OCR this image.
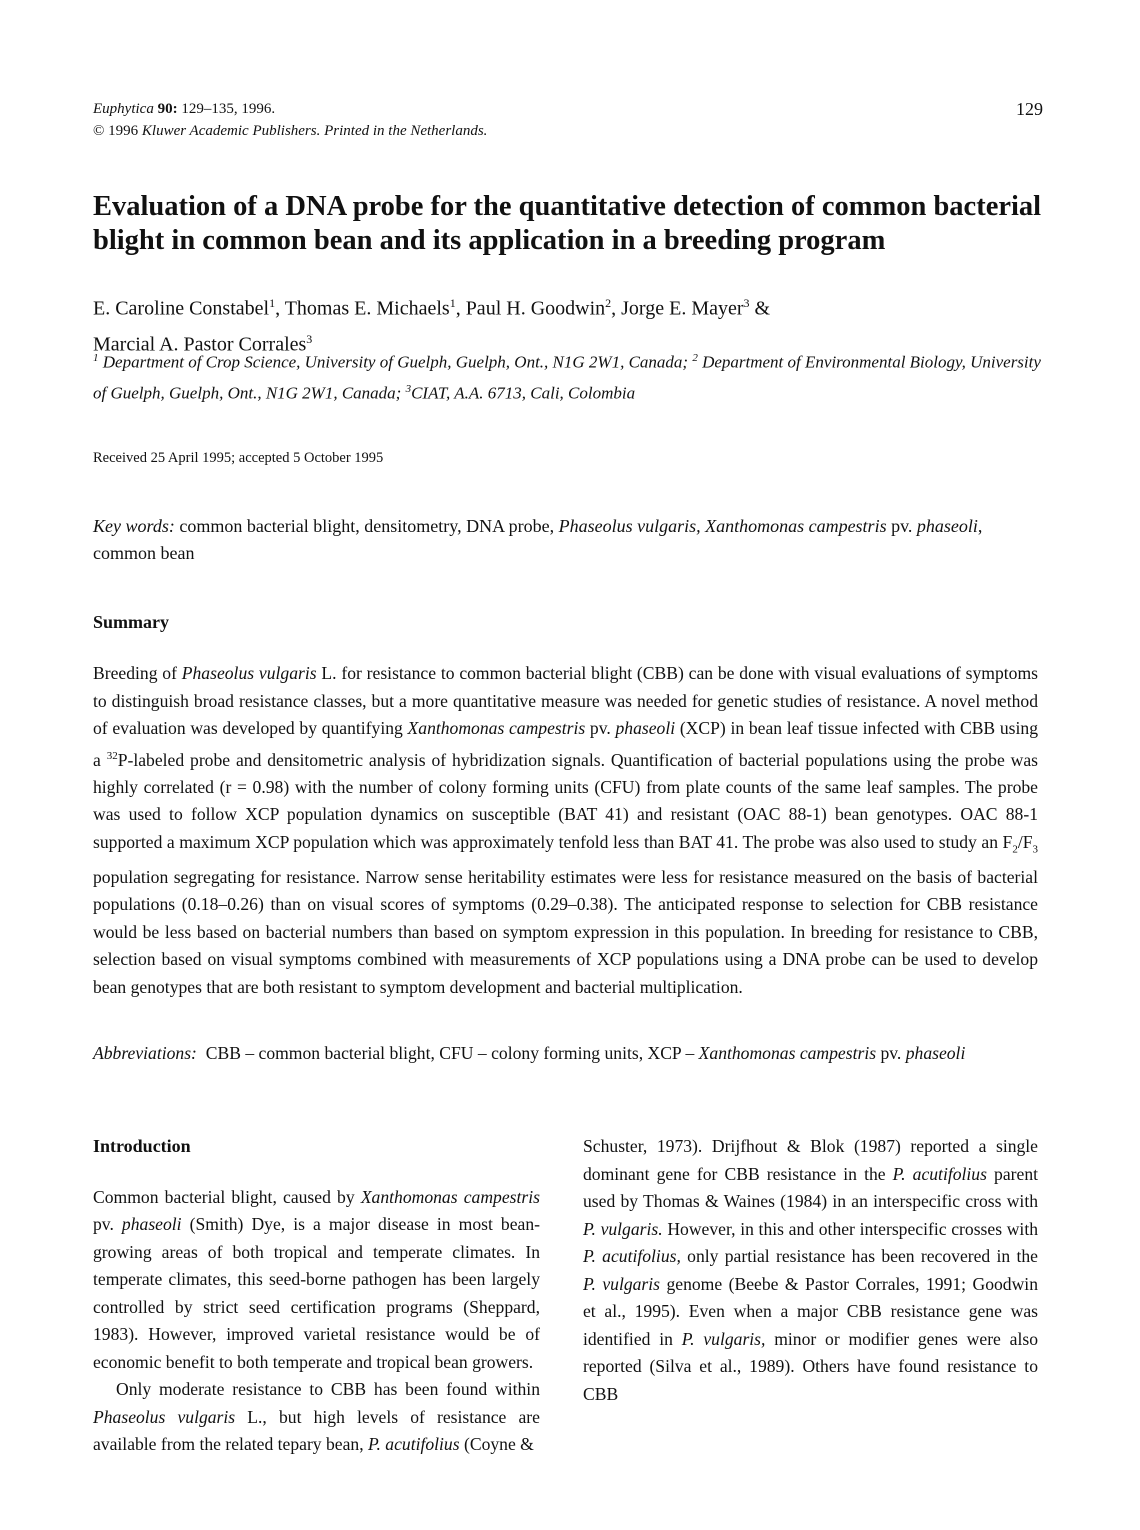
Euphytica 90: 129–135, 1996.
© 1996 Kluwer Academic Publishers. Printed in the Netherlands.
129
Evaluation of a DNA probe for the quantitative detection of common bacterial blight in common bean and its application in a breeding program
E. Caroline Constabel$^1$, Thomas E. Michaels$^1$, Paul H. Goodwin$^2$, Jorge E. Mayer$^3$ &
Marcial A. Pastor Corrales$^3$
$^1$ Department of Crop Science, University of Guelph, Guelph, Ont., N1G 2W1, Canada; $^2$ Department of Environmental Biology, University of Guelph, Guelph, Ont., N1G 2W1, Canada; $^3$CIAT, A.A. 6713, Cali, Colombia
Received 25 April 1995; accepted 5 October 1995
Key words: common bacterial blight, densitometry, DNA probe, Phaseolus vulgaris, Xanthomonas campestris pv. phaseoli, common bean
Summary

Breeding of Phaseolus vulgaris L. for resistance to common bacterial blight (CBB) can be done with visual evaluations of symptoms to distinguish broad resistance classes, but a more quantitative measure was needed for genetic studies of resistance. A novel method of evaluation was developed by quantifying Xanthomonas campestris pv. phaseoli (XCP) in bean leaf tissue infected with CBB using a $^{32}$P-labeled probe and densitometric analysis of hybridization signals. Quantification of bacterial populations using the probe was highly correlated (r = 0.98) with the number of colony forming units (CFU) from plate counts of the same leaf samples. The probe was used to follow XCP population dynamics on susceptible (BAT 41) and resistant (OAC 88-1) bean genotypes. OAC 88-1 supported a maximum XCP population which was approximately tenfold less than BAT 41. The probe was also used to study an $F_2/F_3$ population segregating for resistance. Narrow sense heritability estimates were less for resistance measured on the basis of bacterial populations (0.18–0.26) than on visual scores of symptoms (0.29–0.38). The anticipated response to selection for CBB resistance would be less based on bacterial numbers than based on symptom expression in this population. In breeding for resistance to CBB, selection based on visual symptoms combined with measurements of XCP populations using a DNA probe can be used to develop bean genotypes that are both resistant to symptom development and bacterial multiplication.

Abbreviations:  CBB – common bacterial blight, CFU – colony forming units, XCP – Xanthomonas campestris pv. phaseoli
Introduction

Common bacterial blight, caused by Xanthomonas campestris pv. phaseoli (Smith) Dye, is a major disease in most bean-growing areas of both tropical and temperate climates. In temperate climates, this seed-borne pathogen has been largely controlled by strict seed certification programs (Sheppard, 1983). However, improved varietal resistance would be of economic benefit to both temperate and tropical bean growers.

Only moderate resistance to CBB has been found within Phaseolus vulgaris L., but high levels of resistance are available from the related tepary bean, P. acutifolius (Coyne &

Schuster, 1973). Drijfhout & Blok (1987) reported a single dominant gene for CBB resistance in the P. acutifolius parent used by Thomas & Waines (1984) in an interspecific cross with P. vulgaris. However, in this and other interspecific crosses with P. acutifolius, only partial resistance has been recovered in the P. vulgaris genome (Beebe & Pastor Corrales, 1991; Goodwin et al., 1995). Even when a major CBB resistance gene was identified in P. vulgaris, minor or modifier genes were also reported (Silva et al., 1989). Others have found resistance to CBB
